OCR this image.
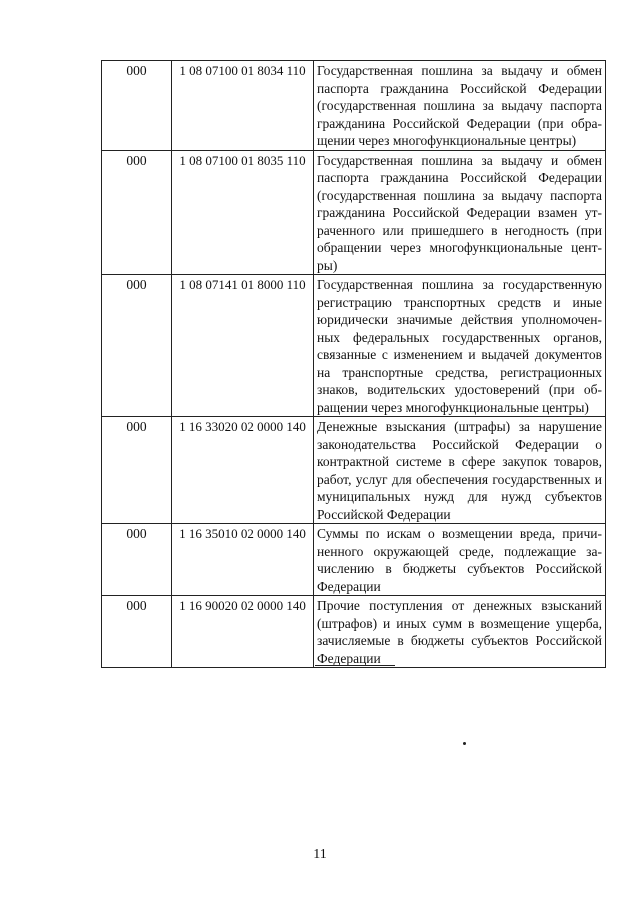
000	1 08 07100 01 8034 110	Государственная пошлина за выдачу и обмен паспорта гражданина Российской Федерации (государственная пошлина за выдачу паспорта гражданина Российской Федерации (при обращении через многофункциональные центры)
000	1 08 07100 01 8035 110	Государственная пошлина за выдачу и обмен паспорта гражданина Российской Федерации (государственная пошлина за выдачу паспорта гражданина Российской Федерации взамен утраченного или пришедшего в негодность (при обращении через многофункциональные центры)
000	1 08 07141 01 8000 110	Государственная пошлина за государственную регистрацию транспортных средств и иные юридически значимые действия уполномоченных федеральных государственных органов, связанные с изменением и выдачей документов на транспортные средства, регистрационных знаков, водительских удостоверений (при обращении через многофункциональные центры)
000	1 16 33020 02 0000 140	Денежные взыскания (штрафы) за нарушение законодательства Российской Федерации о контрактной системе в сфере закупок товаров, работ, услуг для обеспечения государственных и муниципальных нужд для нужд субъектов Российской Федерации
000	1 16 35010 02 0000 140	Суммы по искам о возмещении вреда, причиненного окружающей среде, подлежащие зачислению в бюджеты субъектов Российской Федерации
000	1 16 90020 02 0000 140	Прочие поступления от денежных взысканий (штрафов) и иных сумм в возмещение ущерба, зачисляемые в бюджеты субъектов Российской Федерации
11
